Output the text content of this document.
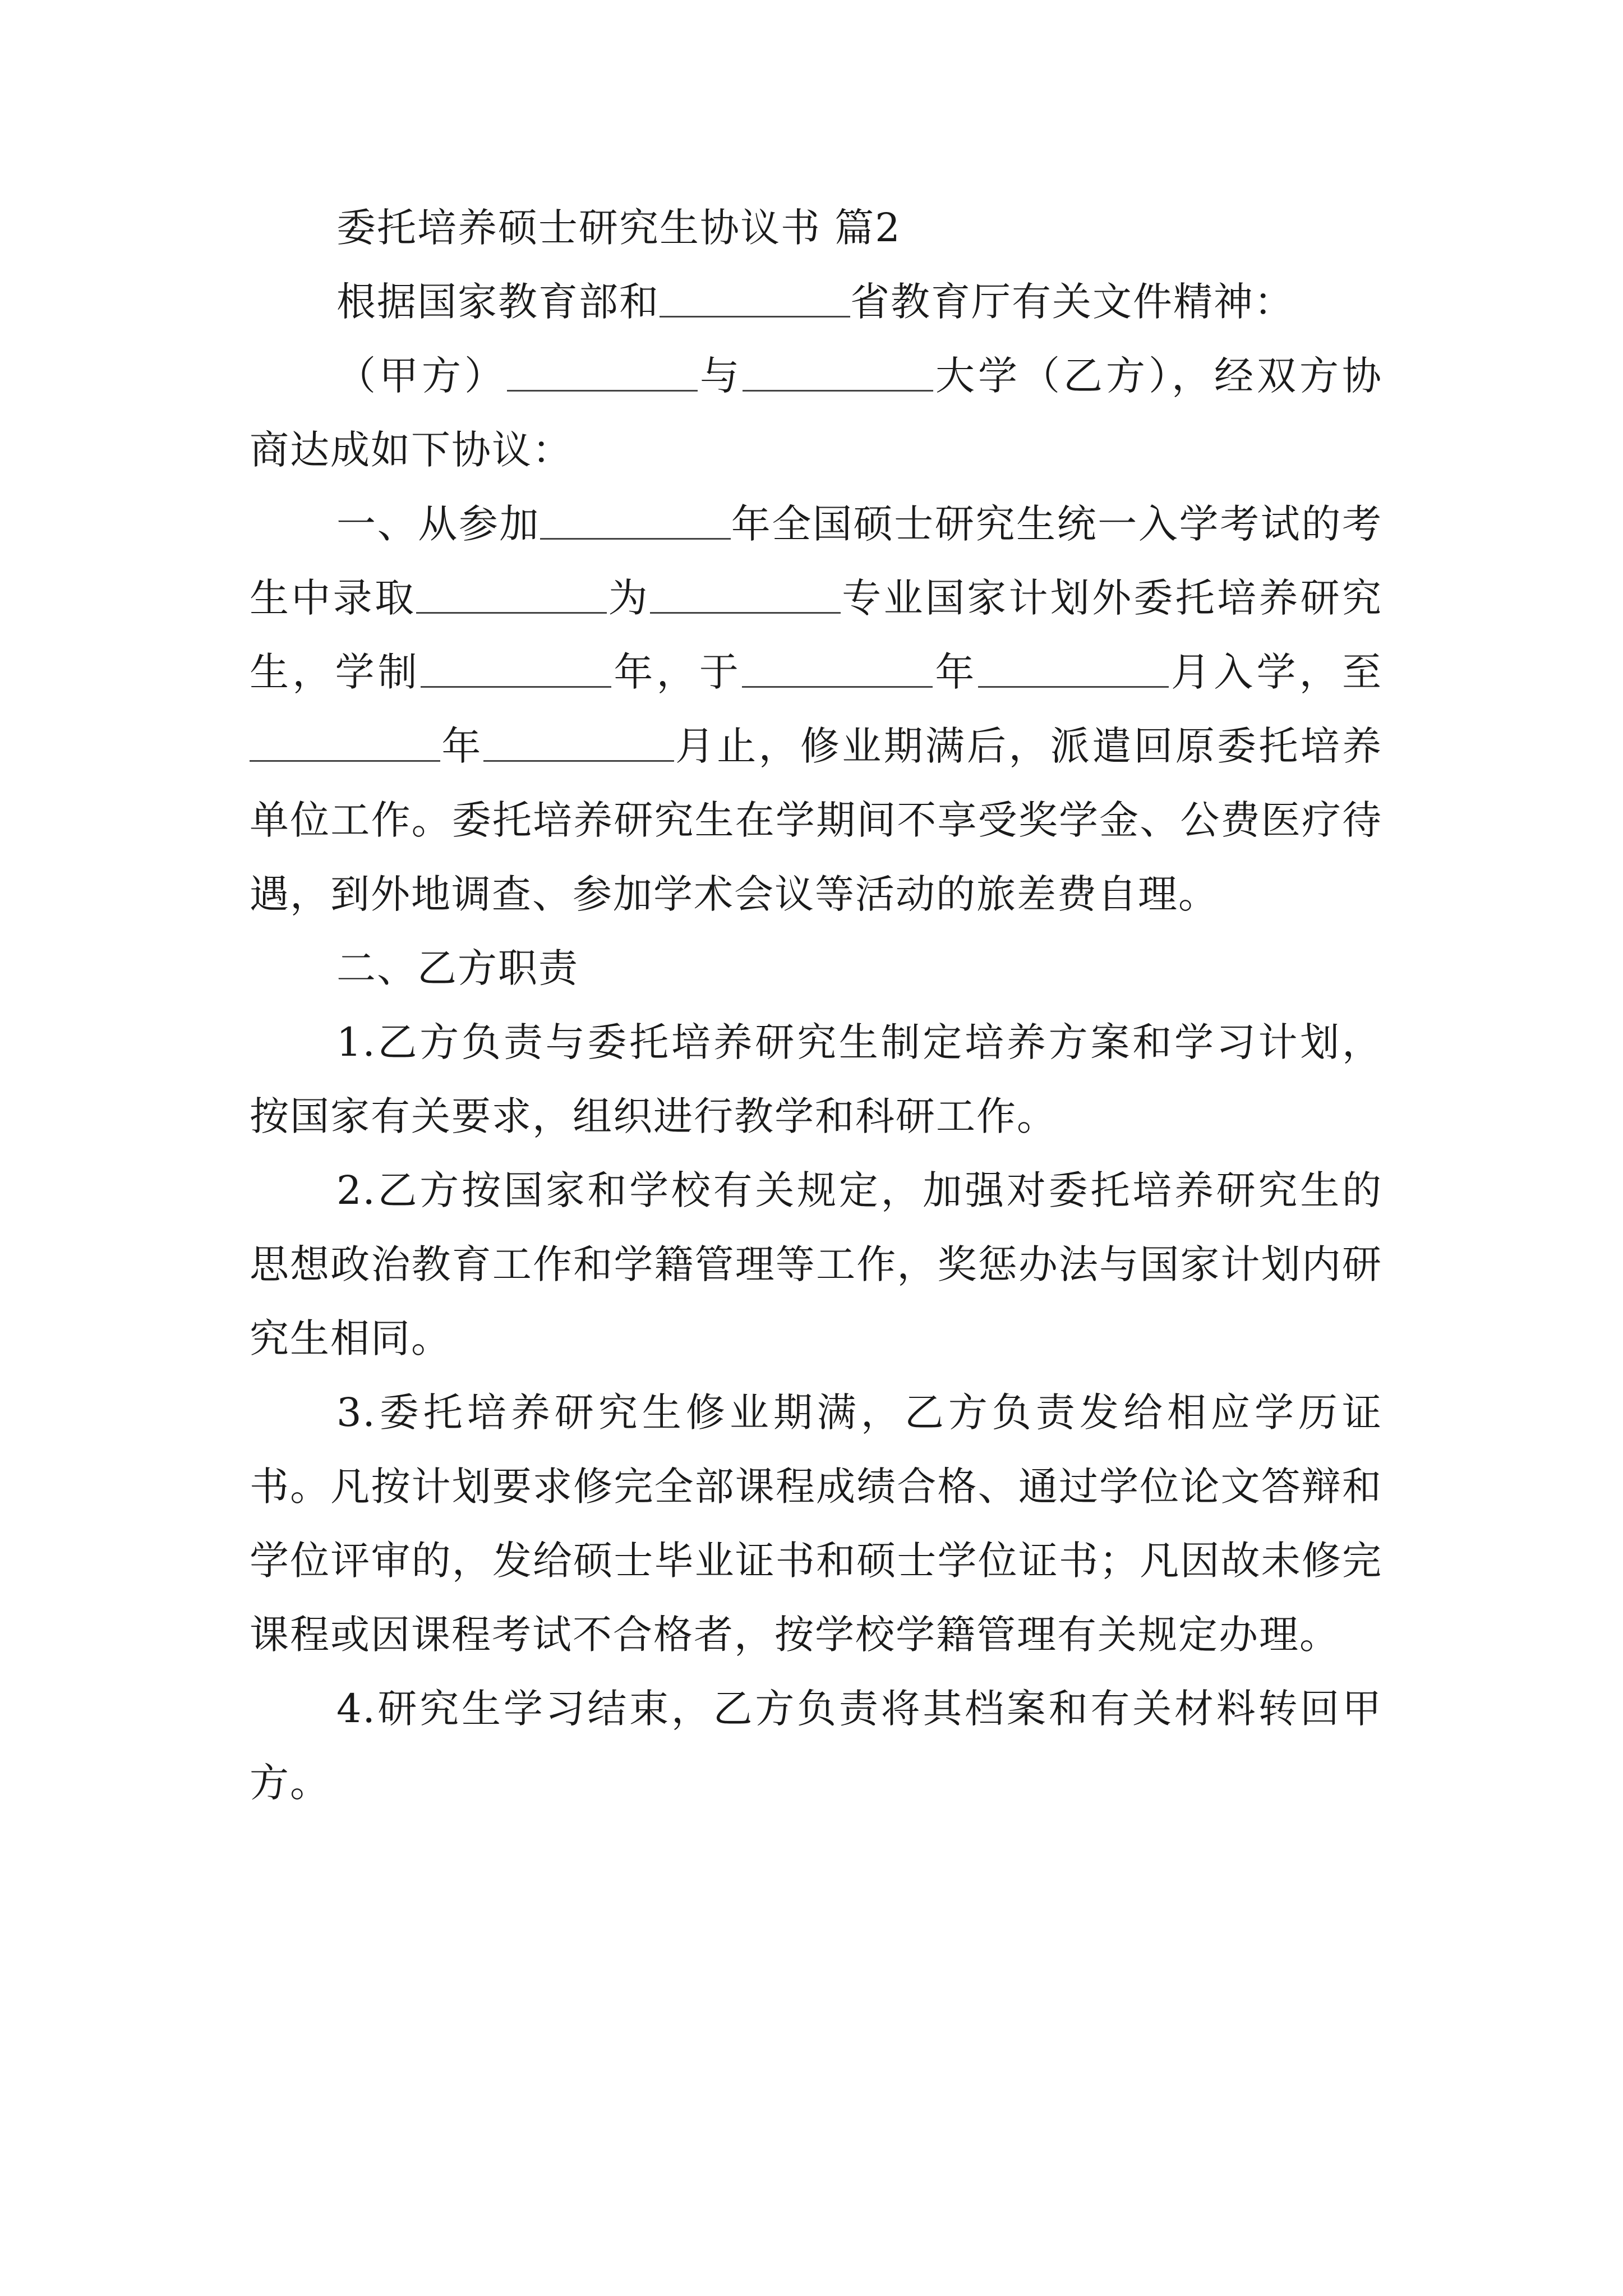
委托培养硕士研究生协议书 篇2

根据国家教育部和	省教育厅有关文件精神：

（甲方）	与	大学（乙方），经双方协商达成如下协议：

一、从参加	年全国硕士研究生统一入学考试的考生中录取	为	专业国家计划外委托培养研究生，学制	年，于	年	月入学，至年	月止，修业期满后，派遣回原委托培养单位工作。委托培养研究生在学期间不享受奖学金、公费医疗待遇，到外地调查、参加学术会议等活动的旅差费自理。

二、乙方职责

1.乙方负责与委托培养研究生制定培养方案和学习计划，按国家有关要求，组织进行教学和科研工作。

2.乙方按国家和学校有关规定，加强对委托培养研究生的思想政治教育工作和学籍管理等工作，奖惩办法与国家计划内研究生相同。

3.委托培养研究生修业期满，乙方负责发给相应学历证书。凡按计划要求修完全部课程成绩合格、通过学位论文答辩和学位评审的，发给硕士毕业证书和硕士学位证书；凡因故未修完课程或因课程考试不合格者，按学校学籍管理有关规定办理。

4.研究生学习结束，乙方负责将其档案和有关材料转回甲方。
